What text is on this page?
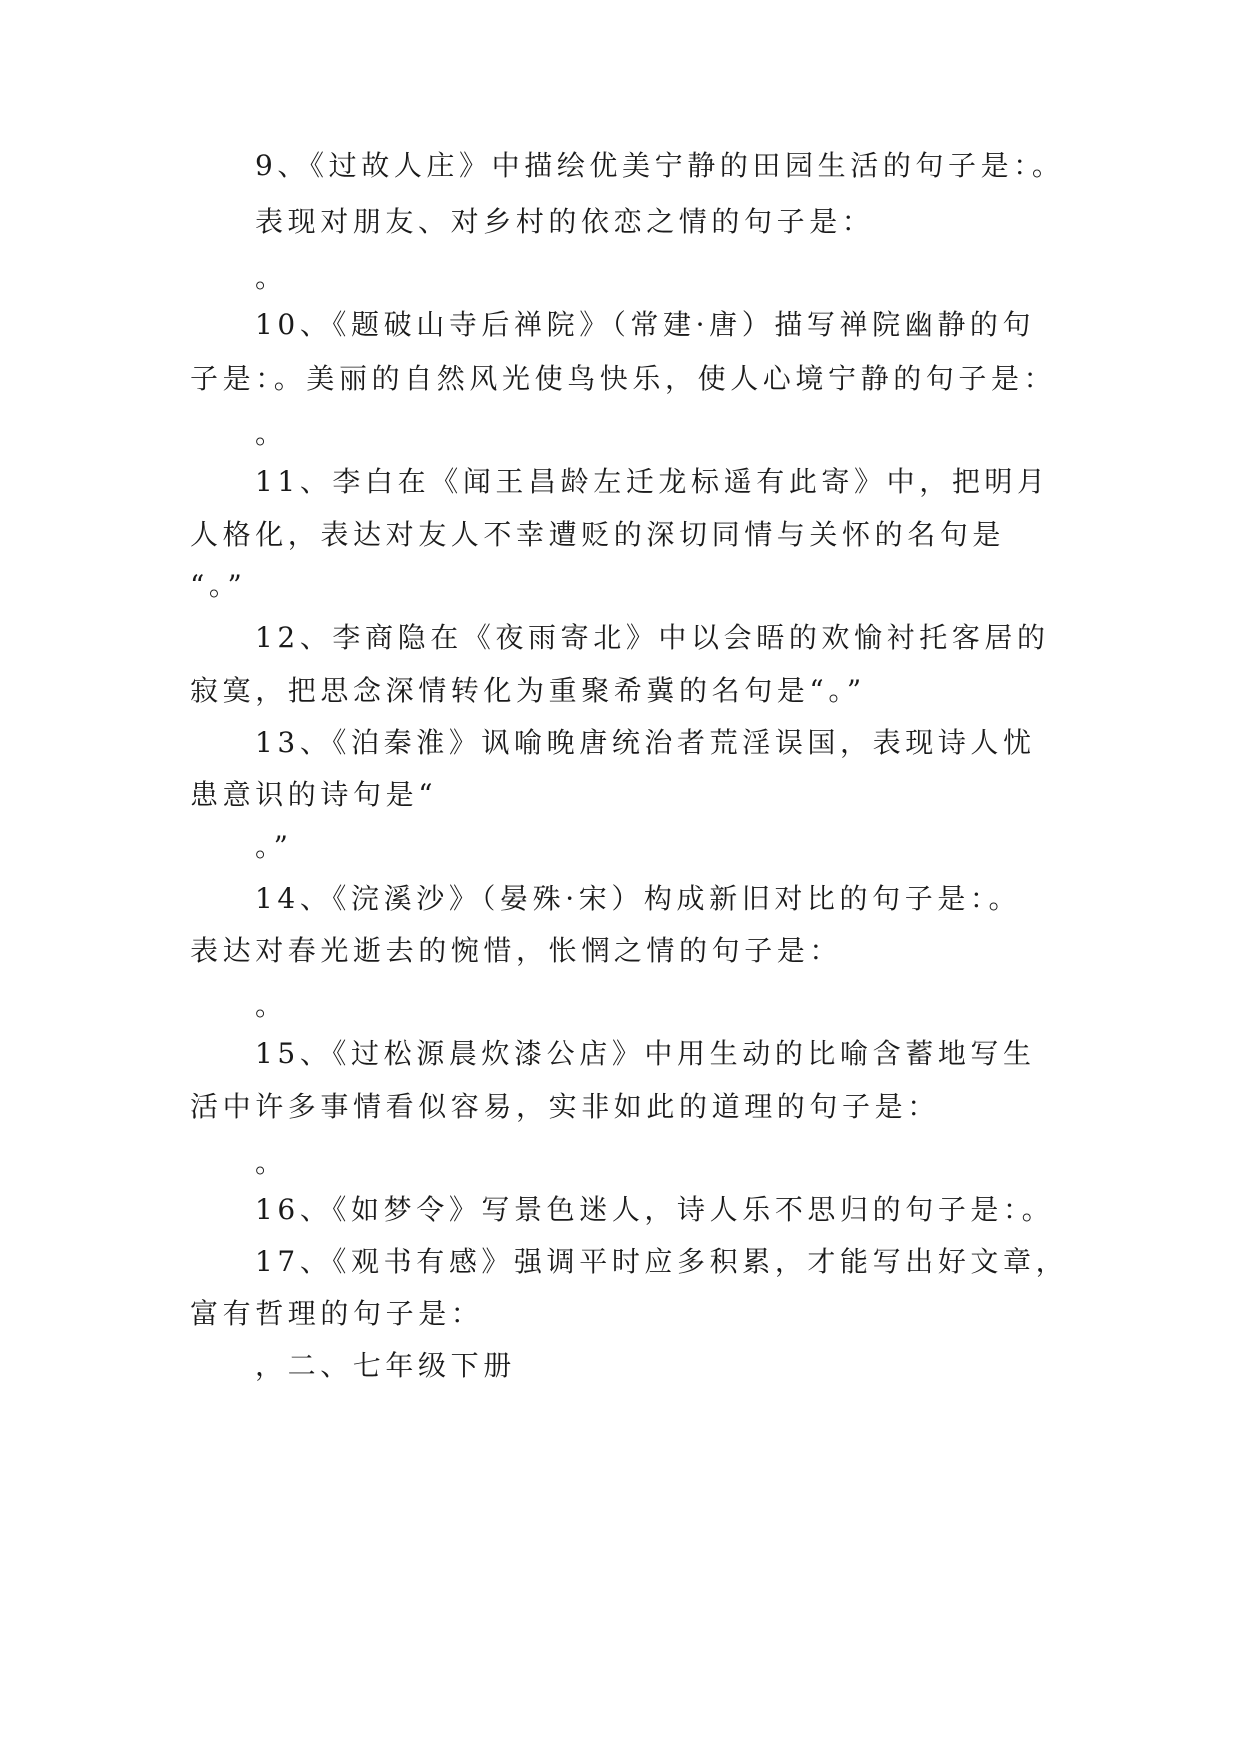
9、《过故人庄》中描绘优美宁静的田园生活的句子是：。
表现对朋友、对乡村的依恋之情的句子是：
。
10、《题破山寺后禅院》（常建·唐）描写禅院幽静的句
子是：。美丽的自然风光使鸟快乐，使人心境宁静的句子是：
。
11、李白在《闻王昌龄左迁龙标遥有此寄》中，把明月
人格化，表达对友人不幸遭贬的深切同情与关怀的名句是
“。”
12、李商隐在《夜雨寄北》中以会晤的欢愉衬托客居的
寂寞，把思念深情转化为重聚希冀的名句是“。”
13、《泊秦淮》讽喻晚唐统治者荒淫误国，表现诗人忧
患意识的诗句是“
。”
14、《浣溪沙》（晏殊·宋）构成新旧对比的句子是：。
表达对春光逝去的惋惜，怅惘之情的句子是：
。
15、《过松源晨炊漆公店》中用生动的比喻含蓄地写生
活中许多事情看似容易，实非如此的道理的句子是：
。
16、《如梦令》写景色迷人，诗人乐不思归的句子是：。
17、《观书有感》强调平时应多积累，才能写出好文章，
富有哲理的句子是：
，二、七年级下册
